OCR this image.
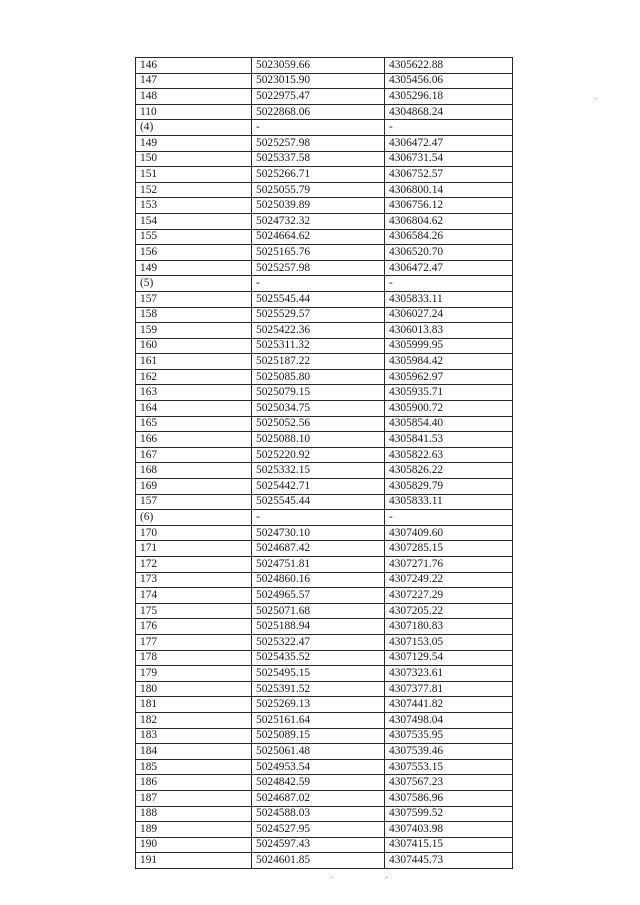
146	5023059.66	4305622.88
147	5023015.90	4305456.06
148	5022975.47	4305296.18
110	5022868.06	4304868.24
(4)	-	-
149	5025257.98	4306472.47
150	5025337.58	4306731.54
151	5025266.71	4306752.57
152	5025055.79	4306800.14
153	5025039.89	4306756.12
154	5024732.32	4306804.62
155	5024664.62	4306584.26
156	5025165.76	4306520.70
149	5025257.98	4306472.47
(5)	-	-
157	5025545.44	4305833.11
158	5025529.57	4306027.24
159	5025422.36	4306013.83
160	5025311.32	4305999.95
161	5025187.22	4305984.42
162	5025085.80	4305962.97
163	5025079.15	4305935.71
164	5025034.75	4305900.72
165	5025052.56	4305854.40
166	5025088.10	4305841.53
167	5025220.92	4305822.63
168	5025332.15	4305826.22
169	5025442.71	4305829.79
157	5025545.44	4305833.11
(6)	-	-
170	5024730.10	4307409.60
171	5024687.42	4307285.15
172	5024751.81	4307271.76
173	5024860.16	4307249.22
174	5024965.57	4307227.29
175	5025071.68	4307205.22
176	5025188.94	4307180.83
177	5025322.47	4307153.05
178	5025435.52	4307129.54
179	5025495.15	4307323.61
180	5025391.52	4307377.81
181	5025269.13	4307441.82
182	5025161.64	4307498.04
183	5025089.15	4307535.95
184	5025061.48	4307539.46
185	5024953.54	4307553.15
186	5024842.59	4307567.23
187	5024687.02	4307586.96
188	5024588.03	4307599.52
189	5024527.95	4307403.98
190	5024597.43	4307415.15
191	5024601.85	4307445.73
